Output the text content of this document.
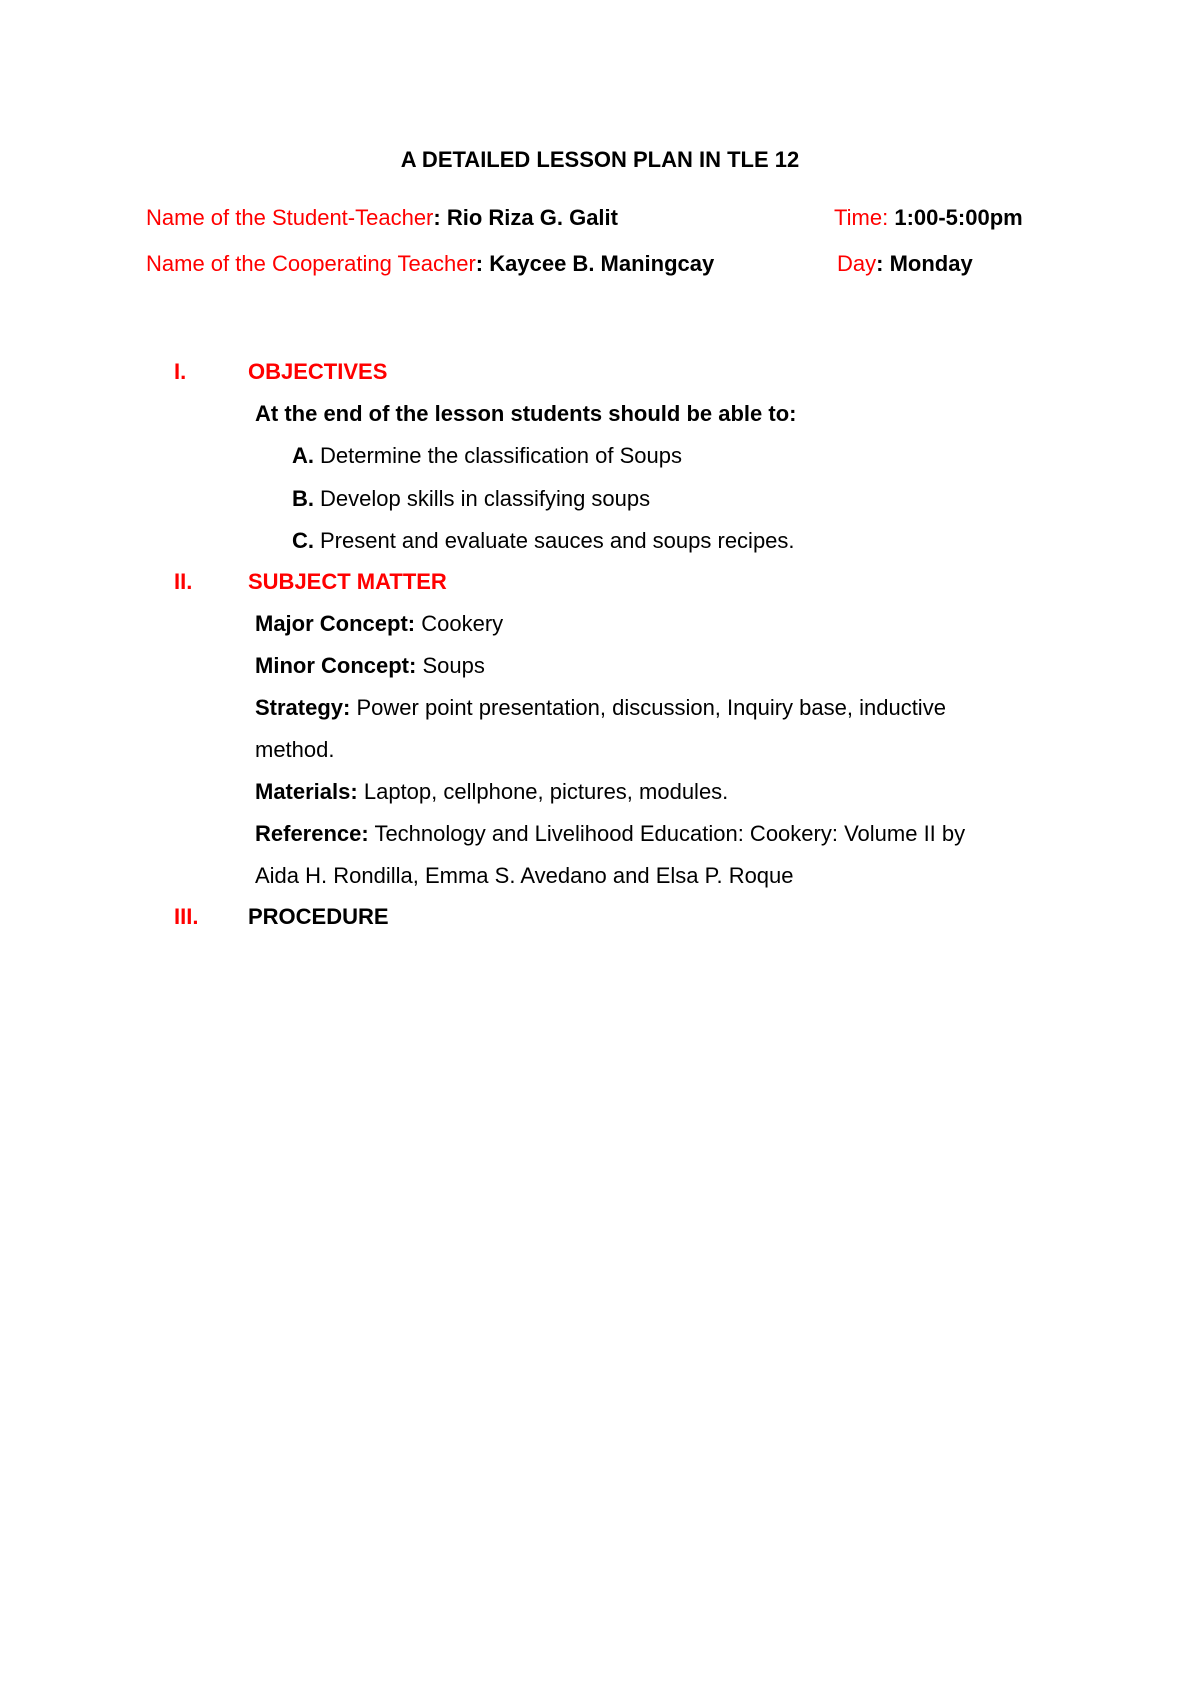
A DETAILED LESSON PLAN IN TLE 12
Name of the Student-Teacher: Rio Riza G. Galit	Time: 1:00-5:00pm
Name of the Cooperating Teacher: Kaycee B. Maningcay	Day: Monday
I.	OBJECTIVES
At the end of the lesson students should be able to:
A. Determine the classification of Soups
B. Develop skills in classifying soups
C. Present and evaluate sauces and soups recipes.
II.	SUBJECT MATTER
Major Concept: Cookery
Minor Concept: Soups
Strategy: Power point presentation, discussion, Inquiry base, inductive
method.
Materials: Laptop, cellphone, pictures, modules.
Reference: Technology and Livelihood Education: Cookery: Volume II by
Aida H. Rondilla, Emma S. Avedano and Elsa P. Roque
III. PROCEDURE
